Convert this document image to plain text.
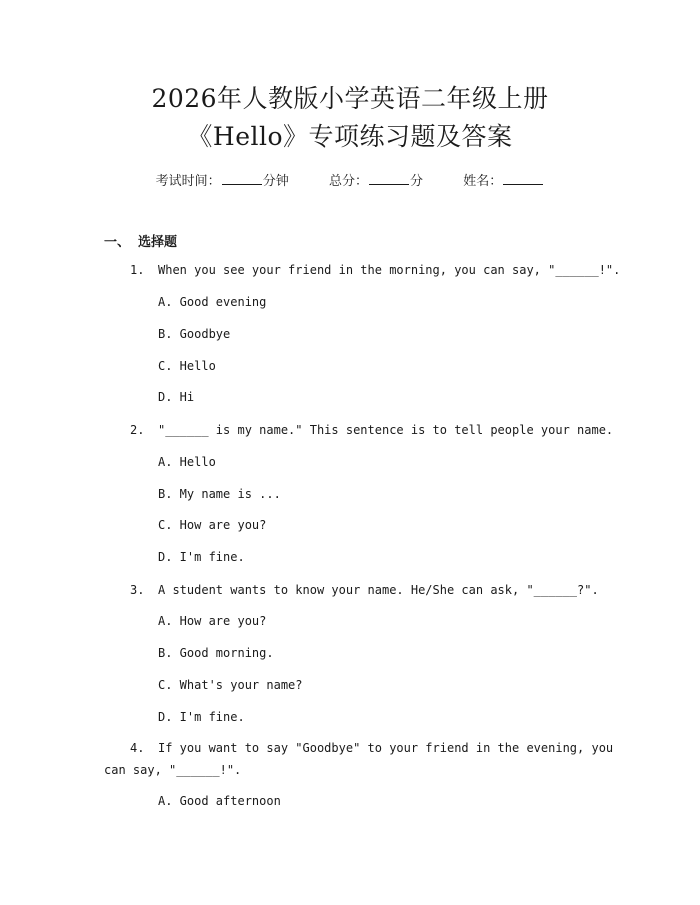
2026年人教版小学英语二年级上册
《Hello》专项练习题及答案
考试时间：	分钟	总分：	分	姓名：
一、 选择题
1. When you see your friend in the morning, you can say, "______!".
A. Good evening
B. Goodbye
C. Hello
D. Hi
2. "______ is my name." This sentence is to tell people your name.
A. Hello
B. My name is ...
C. How are you?
D. I'm fine.
3. A student wants to know your name. He/She can ask, "______?".
A. How are you?
B. Good morning.
C. What's your name?
D. I'm fine.
4. If you want to say "Goodbye" to your friend in the evening, you
can say, "______!".
A. Good afternoon
